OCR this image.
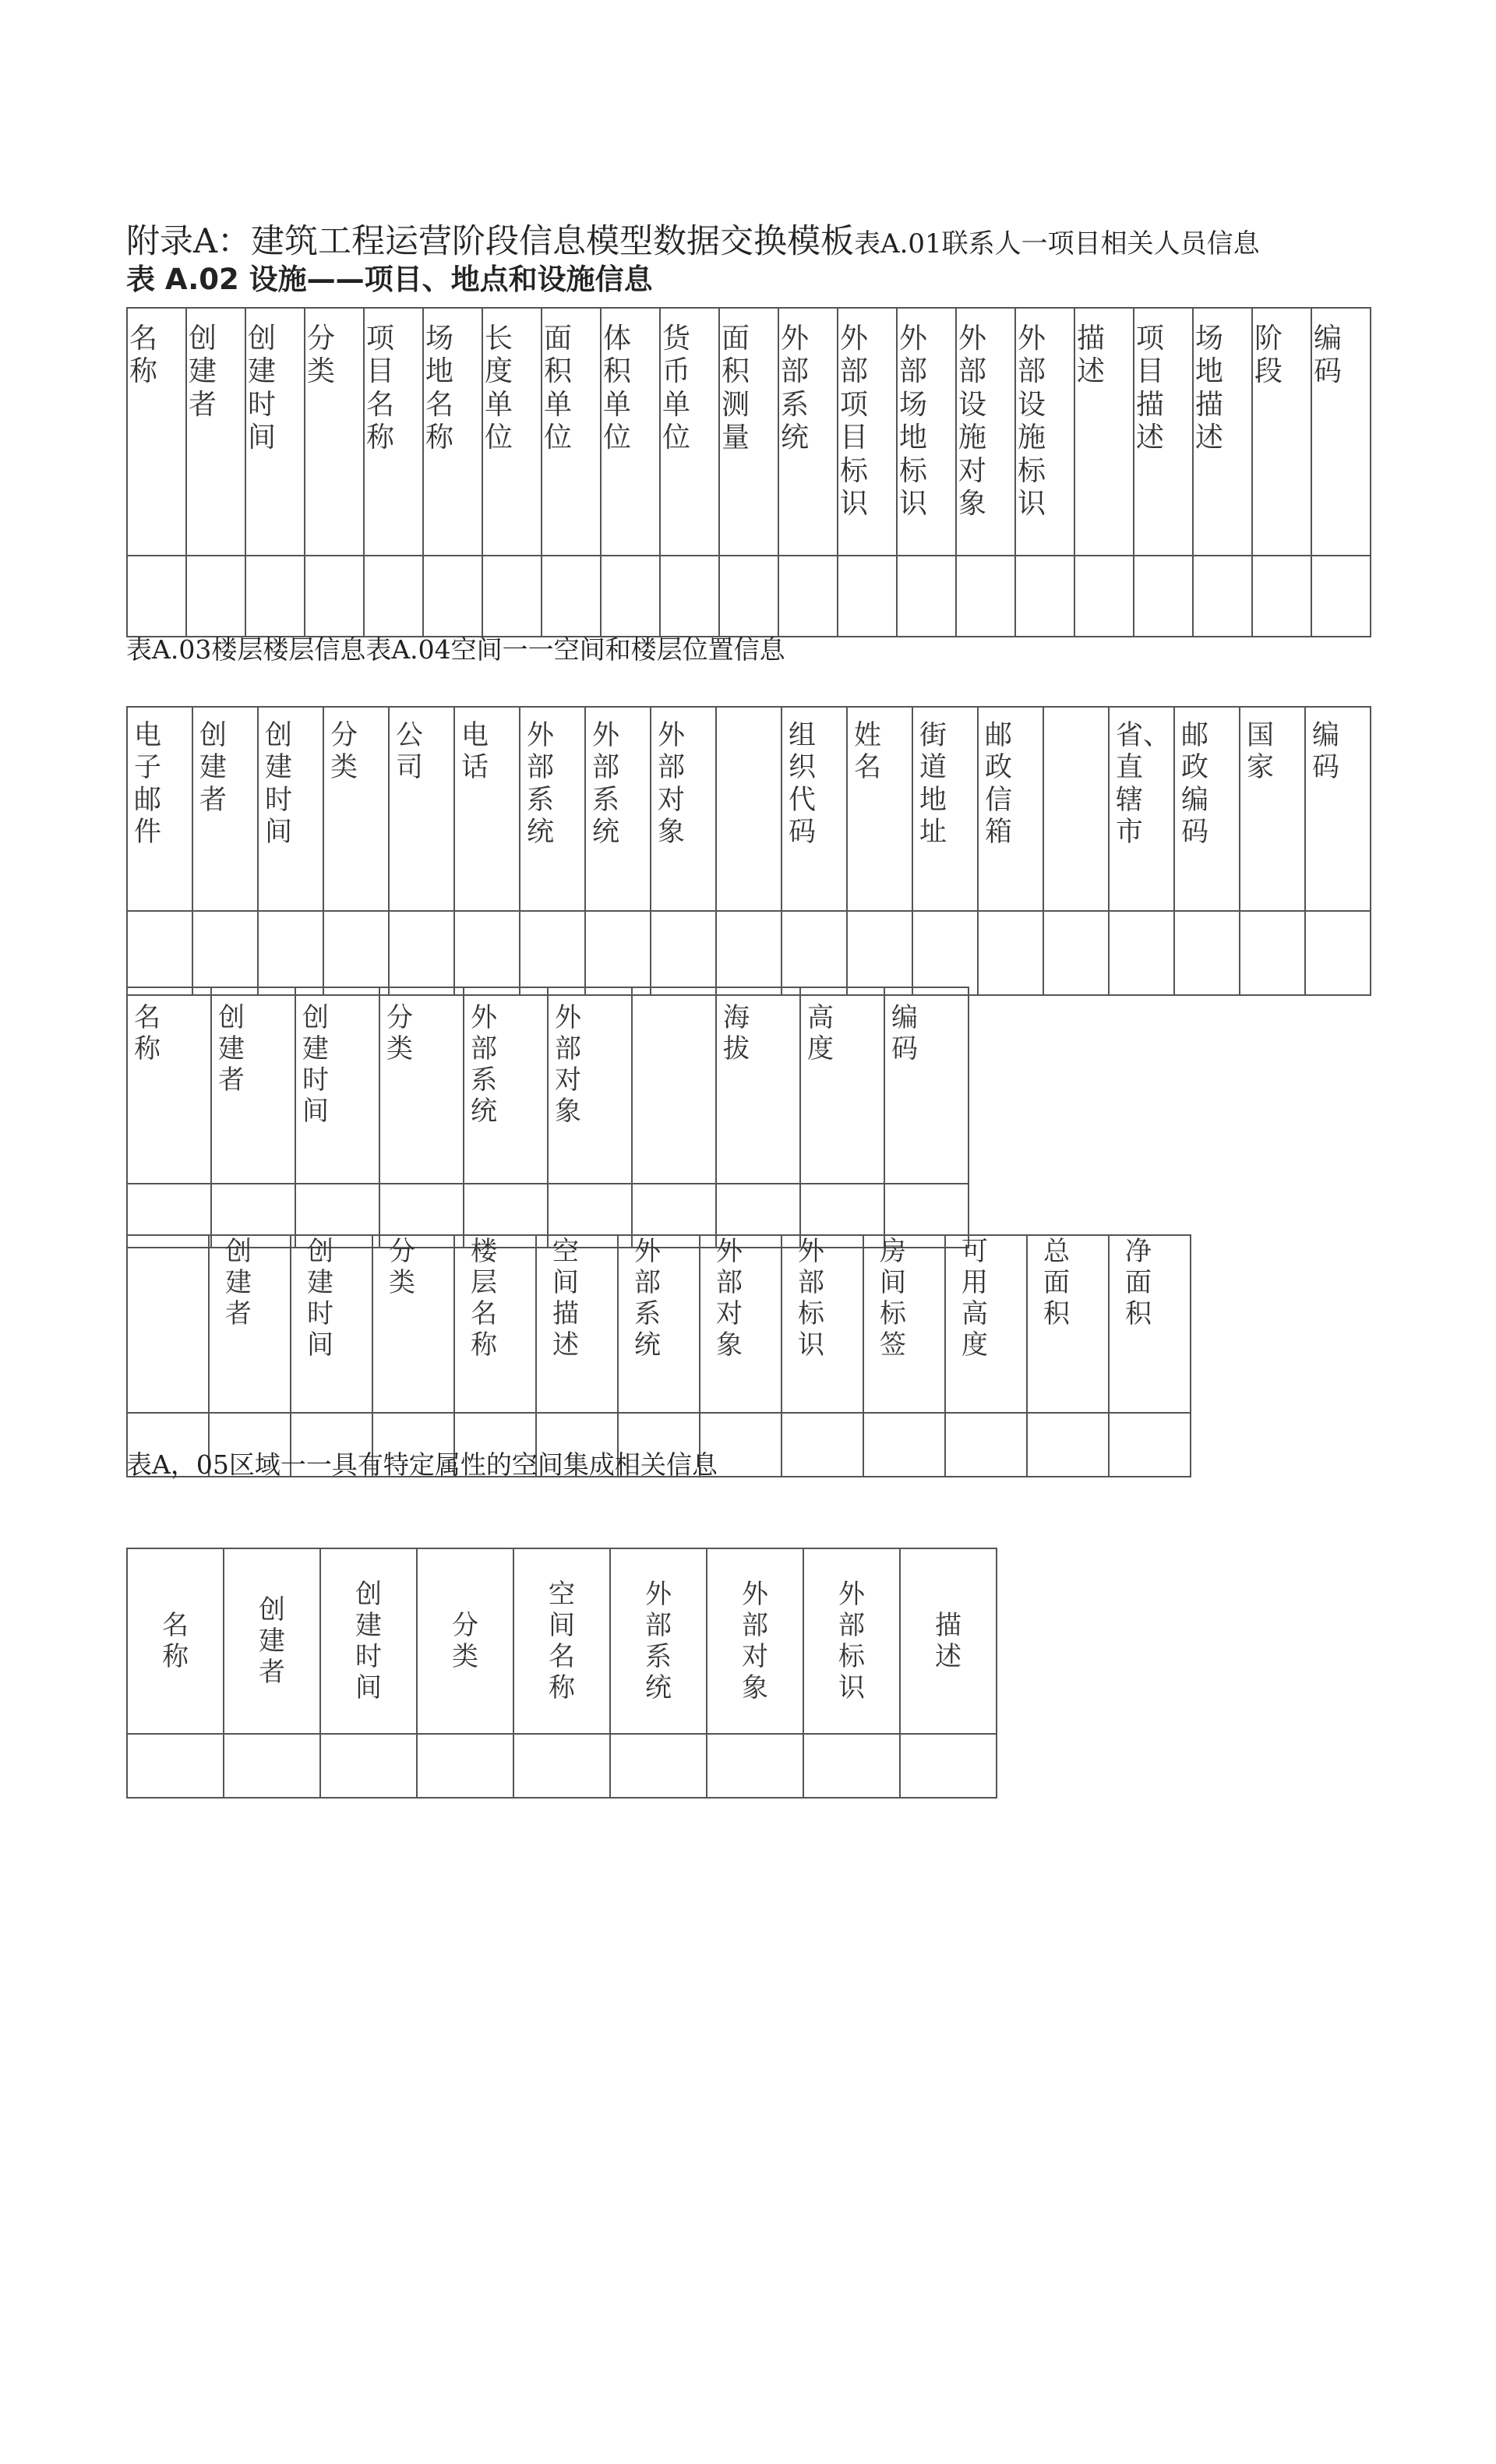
附录A：建筑工程运营阶段信息模型数据交换模板表A.01联系人一项目相关人员信息
表 A.02 设施——项目、地点和设施信息
名称	创建者	创建时间	分类	项目名称	场地名称	长度单位	面积单位	体积单位	货币单位	面积测量	外部系统	外部项目标识	外部场地标识	外部设施对象	外部设施标识	描述	项目描述	场地描述	阶段	编码

表A.03楼层楼层信息表A.04空间一一空间和楼层位置信息
电子邮件	创建者	创建时间	分类	公司	电话	外部系统	外部系统	外部对象		组织代码	姓名	街道地址	邮政信箱		省、直辖市	邮政编码	国家	编码

名称	创建者	创建时间	分类	外部系统	外部对象		海拔	高度	编码

	创建者	创建时间	分类	楼层名称	空间描述	外部系统	外部对象	外部标识	房间标签	可用高度	总面积	净面积

表A，05区域一一具有特定属性的空间集成相关信息
名称	创建者	创建时间	分类	空间名称	外部系统	外部对象	外部标识	描述
